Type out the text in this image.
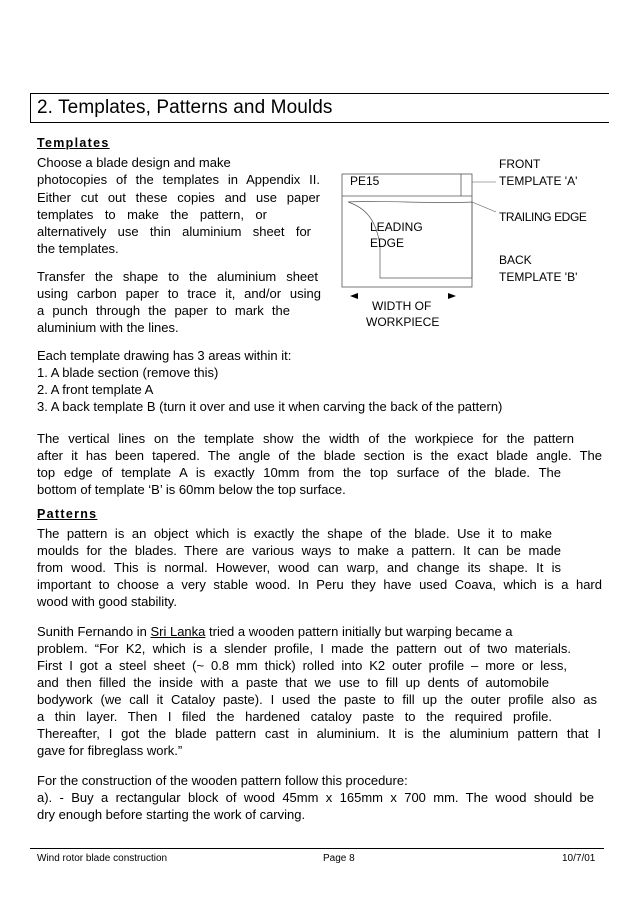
2. Templates, Patterns and Moulds
Templates
Choose a blade design and make
photocopies of the templates in Appendix II.
Either cut out these copies and use paper
templates to make the pattern, or
alternatively use thin aluminium sheet for
the templates.
Transfer the shape to the aluminium sheet
using carbon paper to trace it, and/or using
a punch through the paper to mark the
aluminium with the lines.
PE15
FRONT
TEMPLATE 'A'
TRAILING EDGE
LEADING
EDGE
BACK
TEMPLATE 'B'
WIDTH OF
WORKPIECE
Each template drawing has 3 areas within it:
1. A blade section (remove this)
2. A front template A
3. A back template B (turn it over and use it when carving the back of the pattern)
The vertical lines on the template show the width of the workpiece for the pattern
after it has been tapered. The angle of the blade section is the exact blade angle. The
top edge of template A is exactly 10mm from the top surface of the blade. The
bottom of template ‘B’ is 60mm below the top surface.
Patterns
The pattern is an object which is exactly the shape of the blade. Use it to make
moulds for the blades. There are various ways to make a pattern. It can be made
from wood. This is normal. However, wood can warp, and change its shape. It is
important to choose a very stable wood. In Peru they have used Coava, which is a hard
wood with good stability.
Sunith Fernando in Sri Lanka tried a wooden pattern initially but warping became a
problem. “For K2, which is a slender profile, I made the pattern out of two materials.
First I got a steel sheet (~ 0.8 mm thick) rolled into K2 outer profile – more or less,
and then filled the inside with a paste that we use to fill up dents of automobile
bodywork (we call it Cataloy paste). I used the paste to fill up the outer profile also as
a thin layer. Then I filed the hardened cataloy paste to the required profile.
Thereafter, I got the blade pattern cast in aluminium. It is the aluminium pattern that I
gave for fibreglass work.”
For the construction of the wooden pattern follow this procedure:
a). - Buy a rectangular block of wood 45mm x 165mm x 700 mm. The wood should be
dry enough before starting the work of carving.
Wind rotor blade construction	Page 8	10/7/01
